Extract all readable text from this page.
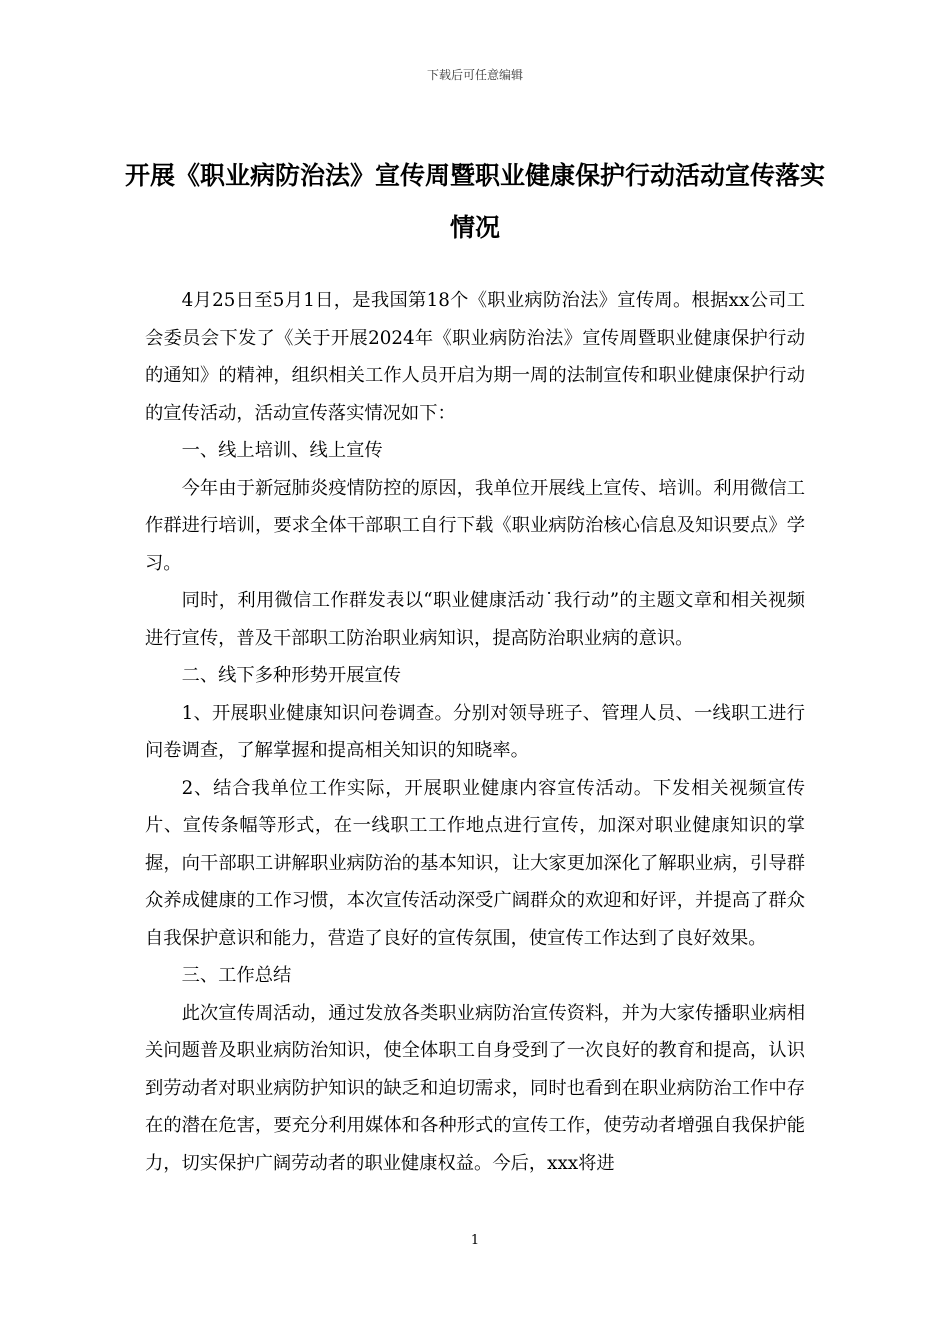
下载后可任意编辑
开展《职业病防治法》宣传周暨职业健康保护行动活动宣传落实情况

4月25日至5月1日，是我国第18个《职业病防治法》宣传周。根据xx公司工会委员会下发了《关于开展2024年《职业病防治法》宣传周暨职业健康保护行动的通知》的精神，组织相关工作人员开启为期一周的法制宣传和职业健康保护行动的宣传活动，活动宣传落实情况如下：

一、线上培训、线上宣传

今年由于新冠肺炎疫情防控的原因，我单位开展线上宣传、培训。利用微信工作群进行培训，要求全体干部职工自行下载《职业病防治核心信息及知识要点》学习。

同时，利用微信工作群发表以“职业健康活动˙我行动”的主题文章和相关视频进行宣传，普及干部职工防治职业病知识，提高防治职业病的意识。

二、线下多种形势开展宣传

1、开展职业健康知识问卷调查。分别对领导班子、管理人员、一线职工进行问卷调查，了解掌握和提高相关知识的知晓率。

2、结合我单位工作实际，开展职业健康内容宣传活动。下发相关视频宣传片、宣传条幅等形式，在一线职工工作地点进行宣传，加深对职业健康知识的掌握，向干部职工讲解职业病防治的基本知识，让大家更加深化了解职业病，引导群众养成健康的工作习惯，本次宣传活动深受广阔群众的欢迎和好评，并提高了群众自我保护意识和能力，营造了良好的宣传氛围，使宣传工作达到了良好效果。

三、工作总结

此次宣传周活动，通过发放各类职业病防治宣传资料，并为大家传播职业病相关问题普及职业病防治知识，使全体职工自身受到了一次良好的教育和提高，认识到劳动者对职业病防护知识的缺乏和迫切需求，同时也看到在职业病防治工作中存在的潜在危害，要充分利用媒体和各种形式的宣传工作，使劳动者增强自我保护能力，切实保护广阔劳动者的职业健康权益。今后，xxx将进

1
